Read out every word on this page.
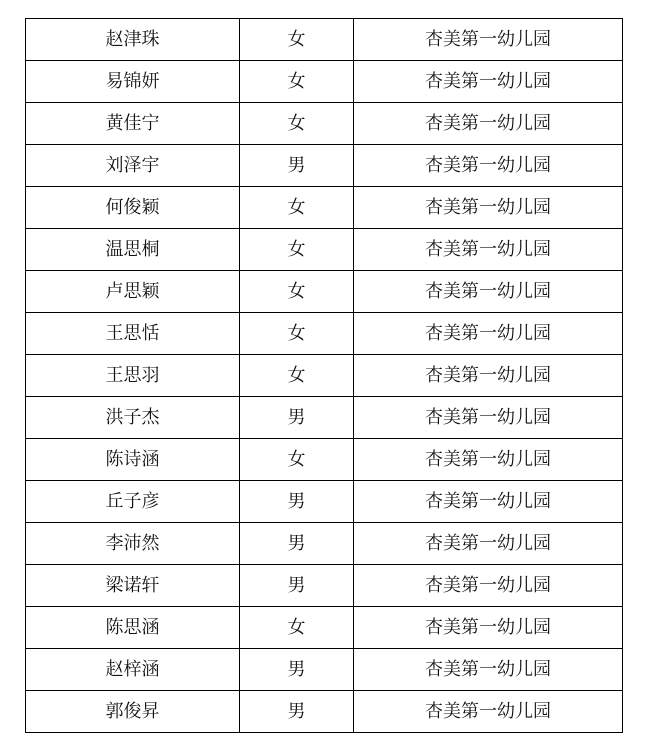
赵津珠	女	杏美第一幼儿园
易锦妍	女	杏美第一幼儿园
黄佳宁	女	杏美第一幼儿园
刘泽宇	男	杏美第一幼儿园
何俊颖	女	杏美第一幼儿园
温思桐	女	杏美第一幼儿园
卢思颖	女	杏美第一幼儿园
王思恬	女	杏美第一幼儿园
王思羽	女	杏美第一幼儿园
洪子杰	男	杏美第一幼儿园
陈诗涵	女	杏美第一幼儿园
丘子彦	男	杏美第一幼儿园
李沛然	男	杏美第一幼儿园
梁诺轩	男	杏美第一幼儿园
陈思涵	女	杏美第一幼儿园
赵梓涵	男	杏美第一幼儿园
郭俊昇	男	杏美第一幼儿园
